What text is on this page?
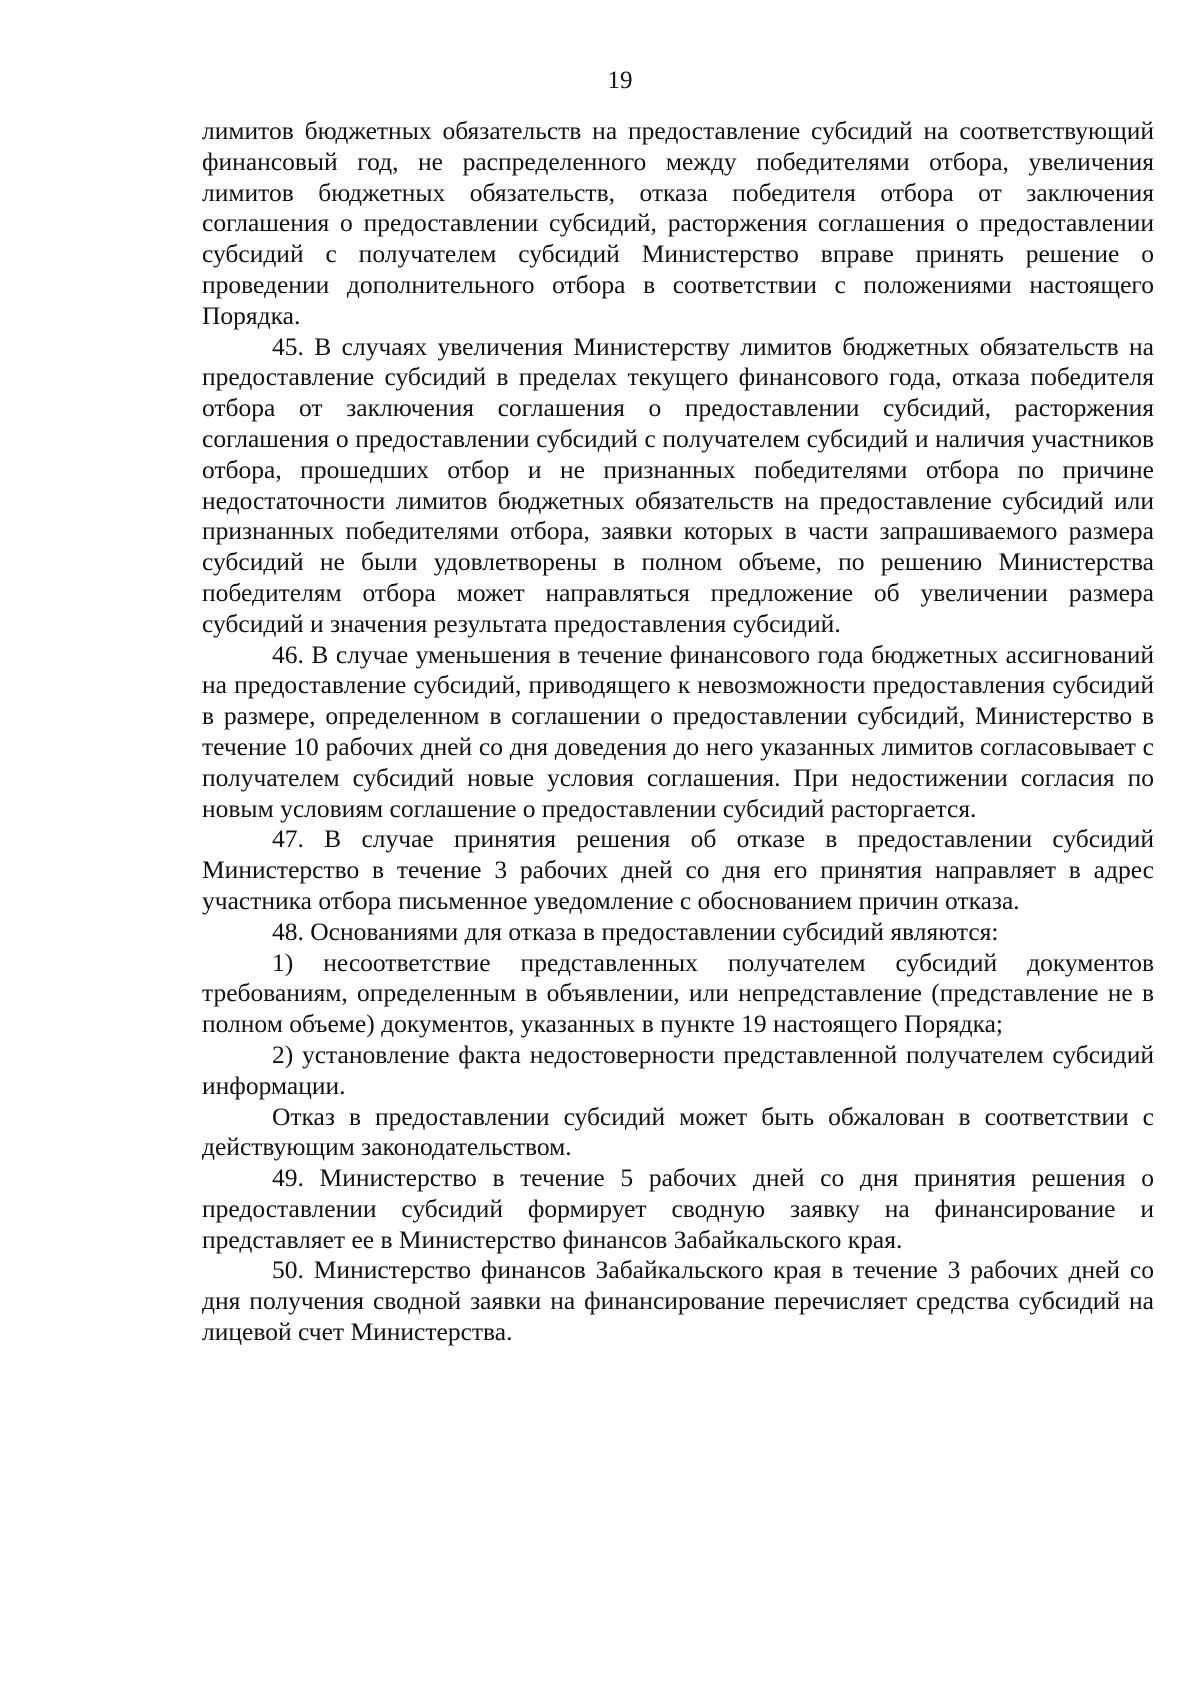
19

лимитов бюджетных обязательств на предоставление субсидий на соответствующий финансовый год, не распределенного между победителями отбора, увеличения лимитов бюджетных обязательств, отказа победителя отбора от заключения соглашения о предоставлении субсидий, расторжения соглашения о предоставлении субсидий с получателем субсидий Министерство вправе принять решение о проведении дополнительного отбора в соответствии с положениями настоящего Порядка.

45. В случаях увеличения Министерству лимитов бюджетных обязательств на предоставление субсидий в пределах текущего финансового года, отказа победителя отбора от заключения соглашения о предоставлении субсидий, расторжения соглашения о предоставлении субсидий с получателем субсидий и наличия участников отбора, прошедших отбор и не признанных победителями отбора по причине недостаточности лимитов бюджетных обязательств на предоставление субсидий или признанных победителями отбора, заявки которых в части запрашиваемого размера субсидий не были удовлетворены в полном объеме, по решению Министерства победителям отбора может направляться предложение об увеличении размера субсидий и значения результата предоставления субсидий.

46. В случае уменьшения в течение финансового года бюджетных ассигнований на предоставление субсидий, приводящего к невозможности предоставления субсидий в размере, определенном в соглашении о предоставлении субсидий, Министерство в течение 10 рабочих дней со дня доведения до него указанных лимитов согласовывает с получателем субсидий новые условия соглашения. При недостижении согласия по новым условиям соглашение о предоставлении субсидий расторгается.

47. В случае принятия решения об отказе в предоставлении субсидий Министерство в течение 3 рабочих дней со дня его принятия направляет в адрес участника отбора письменное уведомление с обоснованием причин отказа.

48. Основаниями для отказа в предоставлении субсидий являются:

1) несоответствие представленных получателем субсидий документов требованиям, определенным в объявлении, или непредставление (представление не в полном объеме) документов, указанных в пункте 19 настоящего Порядка;

2) установление факта недостоверности представленной получателем субсидий информации.

Отказ в предоставлении субсидий может быть обжалован в соответствии с действующим законодательством.

49. Министерство в течение 5 рабочих дней со дня принятия решения о предоставлении субсидий формирует сводную заявку на финансирование и представляет ее в Министерство финансов Забайкальского края.

50. Министерство финансов Забайкальского края в течение 3 рабочих дней со дня получения сводной заявки на финансирование перечисляет средства субсидий на лицевой счет Министерства.
